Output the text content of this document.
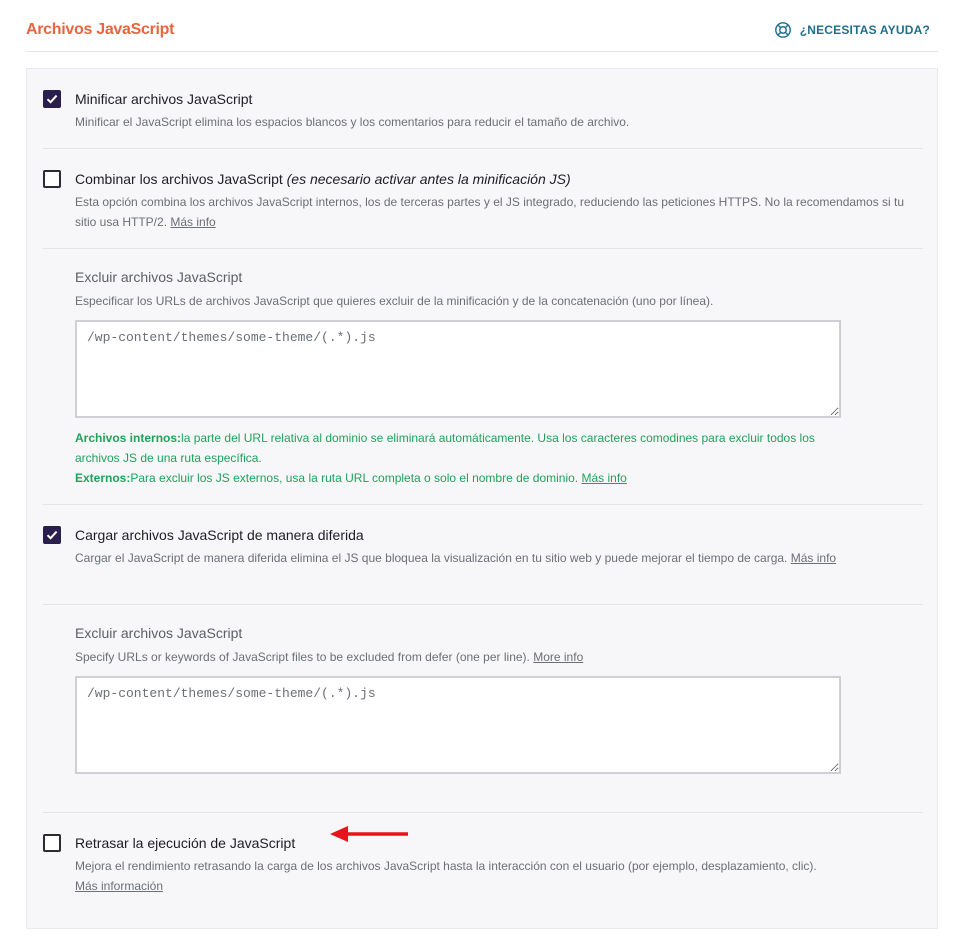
Archivos JavaScript	¿NECESITAS AYUDA?
Minificar archivos JavaScript
Minificar el JavaScript elimina los espacios blancos y los comentarios para reducir el tamaño de archivo.
Combinar los archivos JavaScript (es necesario activar antes la minificación JS)
Esta opción combina los archivos JavaScript internos, los de terceras partes y el JS integrado, reduciendo las peticiones HTTPS. No la recomendamos si tu sitio usa HTTP/2. Más info
Excluir archivos JavaScript
Especificar los URLs de archivos JavaScript que quieres excluir de la minificación y de la concatenación (uno por línea).
/wp-content/themes/some-theme/(.*).js
Archivos internos:la parte del URL relativa al dominio se eliminará automáticamente. Usa los caracteres comodines para excluir todos los archivos JS de una ruta específica.
Externos:Para excluir los JS externos, usa la ruta URL completa o solo el nombre de dominio. Más info
Cargar archivos JavaScript de manera diferida
Cargar el JavaScript de manera diferida elimina el JS que bloquea la visualización en tu sitio web y puede mejorar el tiempo de carga. Más info
Excluir archivos JavaScript
Specify URLs or keywords of JavaScript files to be excluded from defer (one per line). More info
/wp-content/themes/some-theme/(.*).js
Retrasar la ejecución de JavaScript
Mejora el rendimiento retrasando la carga de los archivos JavaScript hasta la interacción con el usuario (por ejemplo, desplazamiento, clic).
Más información
